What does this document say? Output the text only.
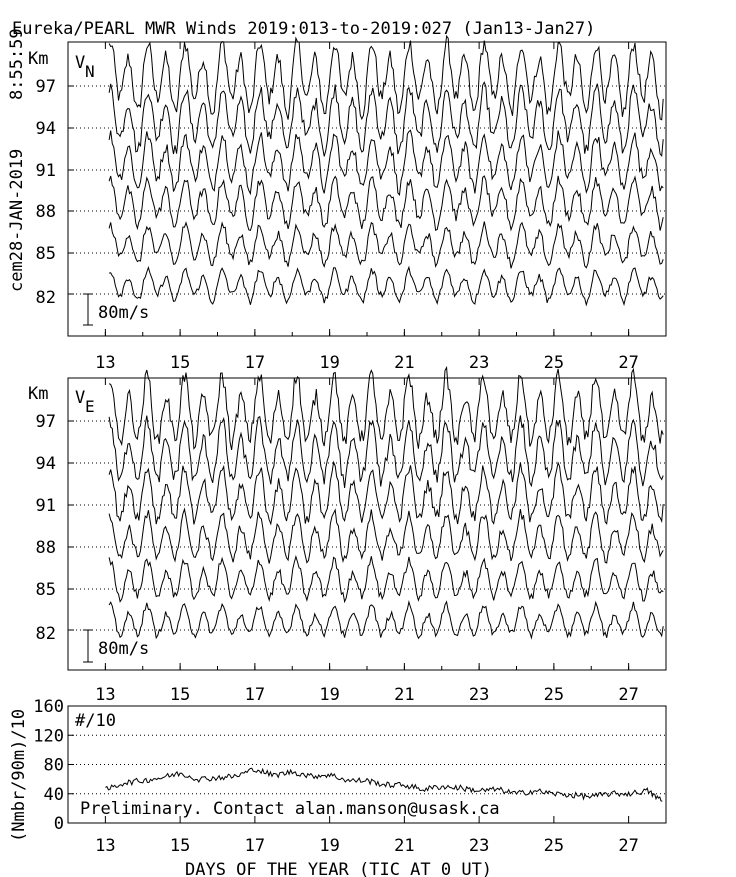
Eureka/PEARL MWR Winds 2019:013-to-2019:027 (Jan13-Jan27)
8:55:59
cem28-JAN-2019
Km V N
80m/s
Km V E
80m/s
#/10
Preliminary. Contact alan.manson@usask.ca
(Nmbr/90m)/10
DAYS OF THE YEAR (TIC AT 0 UT)
13	15	17	19	21	23	25	27
97
94
91
88
85
82
13	15	17	19	21	23	25	27
97
94
91
88
85
82
160
120
80
40
0
13	15	17	19	21	23	25	27
